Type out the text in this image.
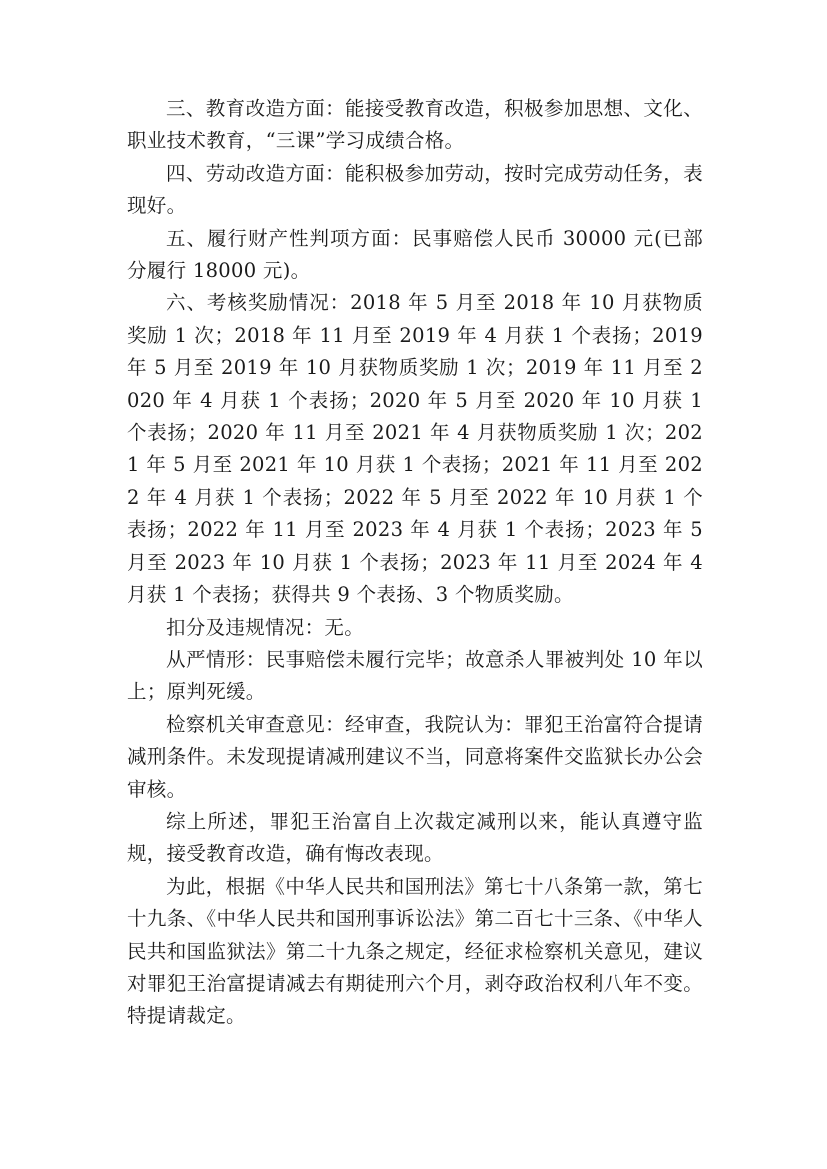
三、教育改造方面：能接受教育改造，积极参加思想、文化、职业技术教育，“三课”学习成绩合格。

四、劳动改造方面：能积极参加劳动，按时完成劳动任务，表现好。

五、履行财产性判项方面：民事赔偿人民币 30000 元(已部分履行 18000 元)。

六、考核奖励情况：2018 年 5 月至 2018 年 10 月获物质奖励 1 次；2018 年 11 月至 2019 年 4 月获 1 个表扬；2019 年 5 月至 2019 年 10 月获物质奖励 1 次；2019 年 11 月至 2020 年 4 月获 1 个表扬；2020 年 5 月至 2020 年 10 月获 1 个表扬；2020 年 11 月至 2021 年 4 月获物质奖励 1 次；2021 年 5 月至 2021 年 10 月获 1 个表扬；2021 年 11 月至 2022 年 4 月获 1 个表扬；2022 年 5 月至 2022 年 10 月获 1 个表扬；2022 年 11 月至 2023 年 4 月获 1 个表扬；2023 年 5 月至 2023 年 10 月获 1 个表扬；2023 年 11 月至 2024 年 4 月获 1 个表扬；获得共 9 个表扬、3 个物质奖励。

扣分及违规情况：无。

从严情形：民事赔偿未履行完毕；故意杀人罪被判处 10 年以上；原判死缓。

检察机关审查意见：经审查，我院认为：罪犯王治富符合提请减刑条件。未发现提请减刑建议不当，同意将案件交监狱长办公会审核。

综上所述，罪犯王治富自上次裁定减刑以来，能认真遵守监规，接受教育改造，确有悔改表现。

为此，根据《中华人民共和国刑法》第七十八条第一款，第七十九条、《中华人民共和国刑事诉讼法》第二百七十三条、《中华人民共和国监狱法》第二十九条之规定，经征求检察机关意见，建议对罪犯王治富提请减去有期徒刑六个月，剥夺政治权利八年不变。特提请裁定。
